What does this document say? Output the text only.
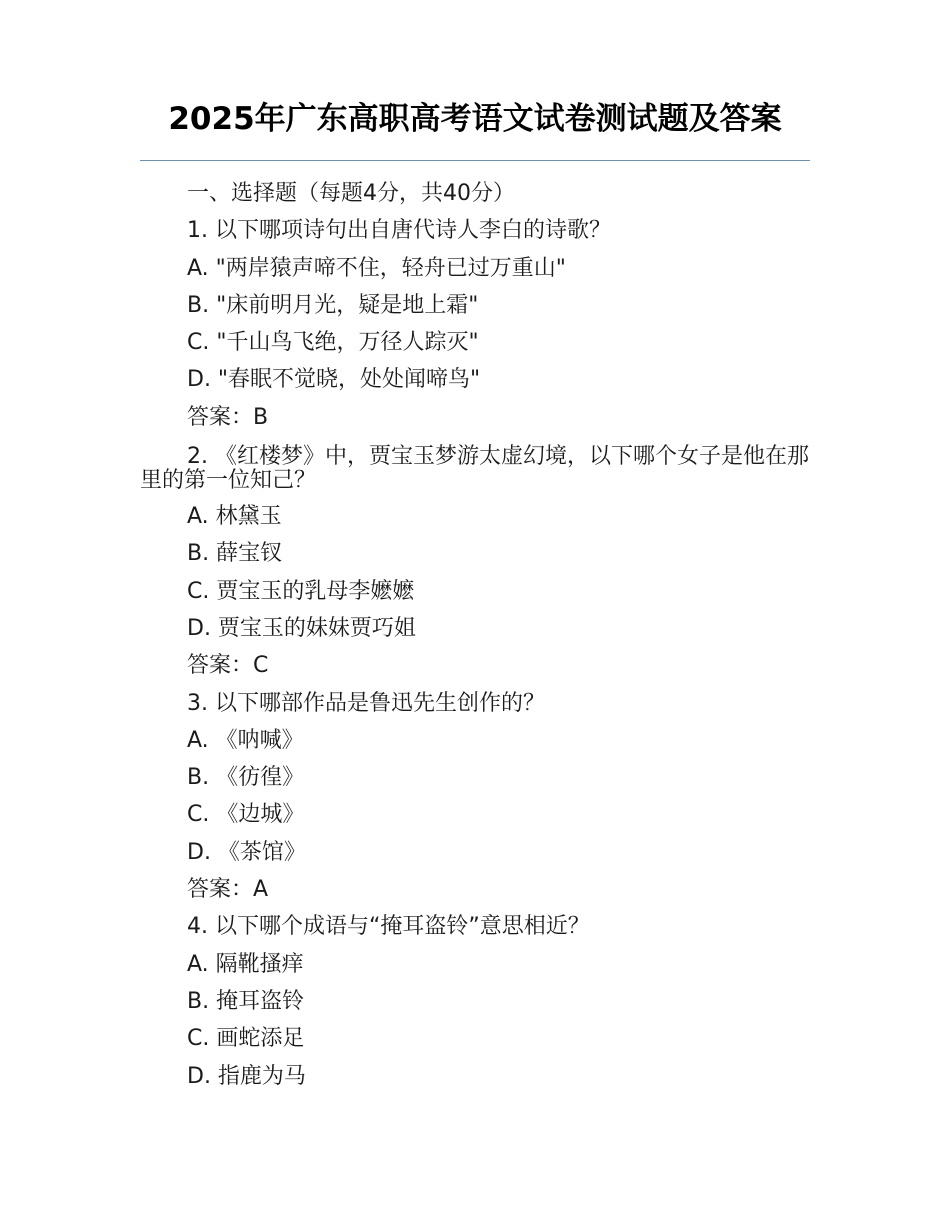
2025年广东高职高考语文试卷测试题及答案
一、选择题（每题4分，共40分）
1. 以下哪项诗句出自唐代诗人李白的诗歌？
A. "两岸猿声啼不住，轻舟已过万重山"
B. "床前明月光，疑是地上霜"
C. "千山鸟飞绝，万径人踪灭"
D. "春眠不觉晓，处处闻啼鸟"
答案：B
2. 《红楼梦》中，贾宝玉梦游太虚幻境，以下哪个女子是他在那里的第一位知己？
A. 林黛玉
B. 薛宝钗
C. 贾宝玉的乳母李嬷嬷
D. 贾宝玉的妹妹贾巧姐
答案：C
3. 以下哪部作品是鲁迅先生创作的？
A. 《呐喊》
B. 《彷徨》
C. 《边城》
D. 《茶馆》
答案：A
4. 以下哪个成语与“掩耳盗铃”意思相近？
A. 隔靴搔痒
B. 掩耳盗铃
C. 画蛇添足
D. 指鹿为马
